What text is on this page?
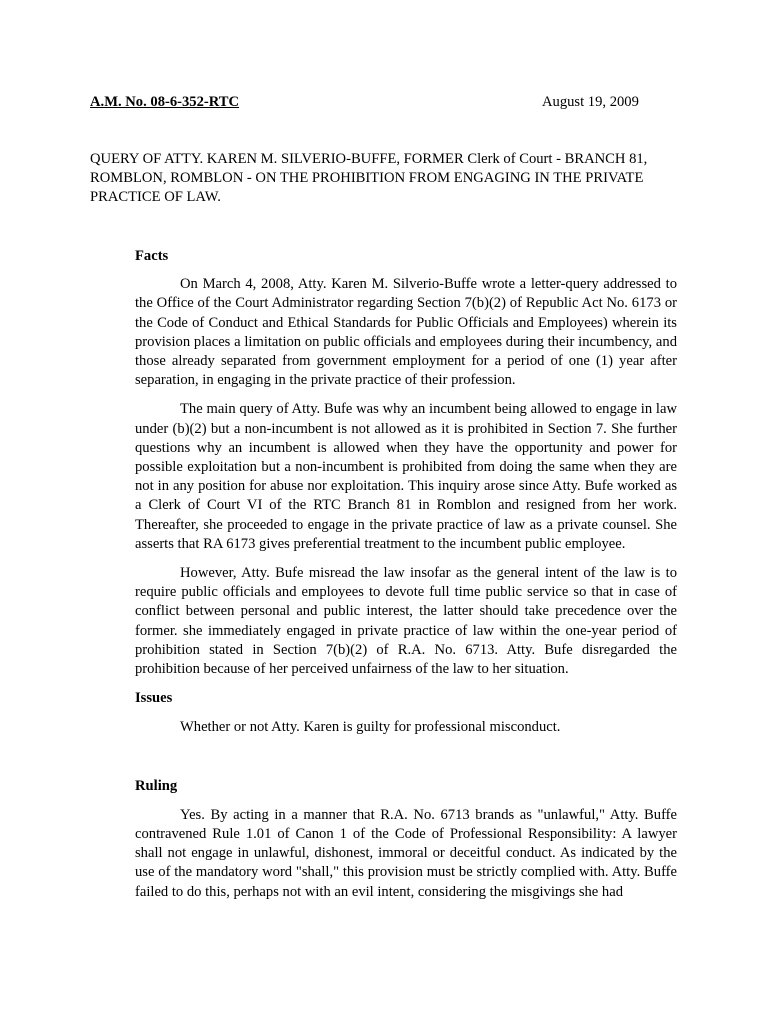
A.M. No. 08-6-352-RTC	August 19, 2009

QUERY OF ATTY. KAREN M. SILVERIO-BUFFE, FORMER Clerk of Court - BRANCH 81, ROMBLON, ROMBLON - ON THE PROHIBITION FROM ENGAGING IN THE PRIVATE PRACTICE OF LAW.

Facts

On March 4, 2008, Atty. Karen M. Silverio-Buffe wrote a letter-query addressed to the Office of the Court Administrator regarding Section 7(b)(2) of Republic Act No. 6173 or the Code of Conduct and Ethical Standards for Public Officials and Employees) wherein its provision places a limitation on public officials and employees during their incumbency, and those already separated from government employment for a period of one (1) year after separation, in engaging in the private practice of their profession.

The main query of Atty. Bufe was why an incumbent being allowed to engage in law under (b)(2) but a non-incumbent is not allowed as it is prohibited in Section 7. She further questions why an incumbent is allowed when they have the opportunity and power for possible exploitation but a non-incumbent is prohibited from doing the same when they are not in any position for abuse nor exploitation. This inquiry arose since Atty. Bufe worked as a Clerk of Court VI of the RTC Branch 81 in Romblon and resigned from her work. Thereafter, she proceeded to engage in the private practice of law as a private counsel. She asserts that RA 6173 gives preferential treatment to the incumbent public employee.

However, Atty. Bufe misread the law insofar as the general intent of the law is to require public officials and employees to devote full time public service so that in case of conflict between personal and public interest, the latter should take precedence over the former. she immediately engaged in private practice of law within the one-year period of prohibition stated in Section 7(b)(2) of R.A. No. 6713. Atty. Bufe disregarded the prohibition because of her perceived unfairness of the law to her situation.

Issues

Whether or not Atty. Karen is guilty for professional misconduct.

Ruling

Yes. By acting in a manner that R.A. No. 6713 brands as "unlawful," Atty. Buffe contravened Rule 1.01 of Canon 1 of the Code of Professional Responsibility: A lawyer shall not engage in unlawful, dishonest, immoral or deceitful conduct. As indicated by the use of the mandatory word "shall," this provision must be strictly complied with. Atty. Buffe failed to do this, perhaps not with an evil intent, considering the misgivings she had
